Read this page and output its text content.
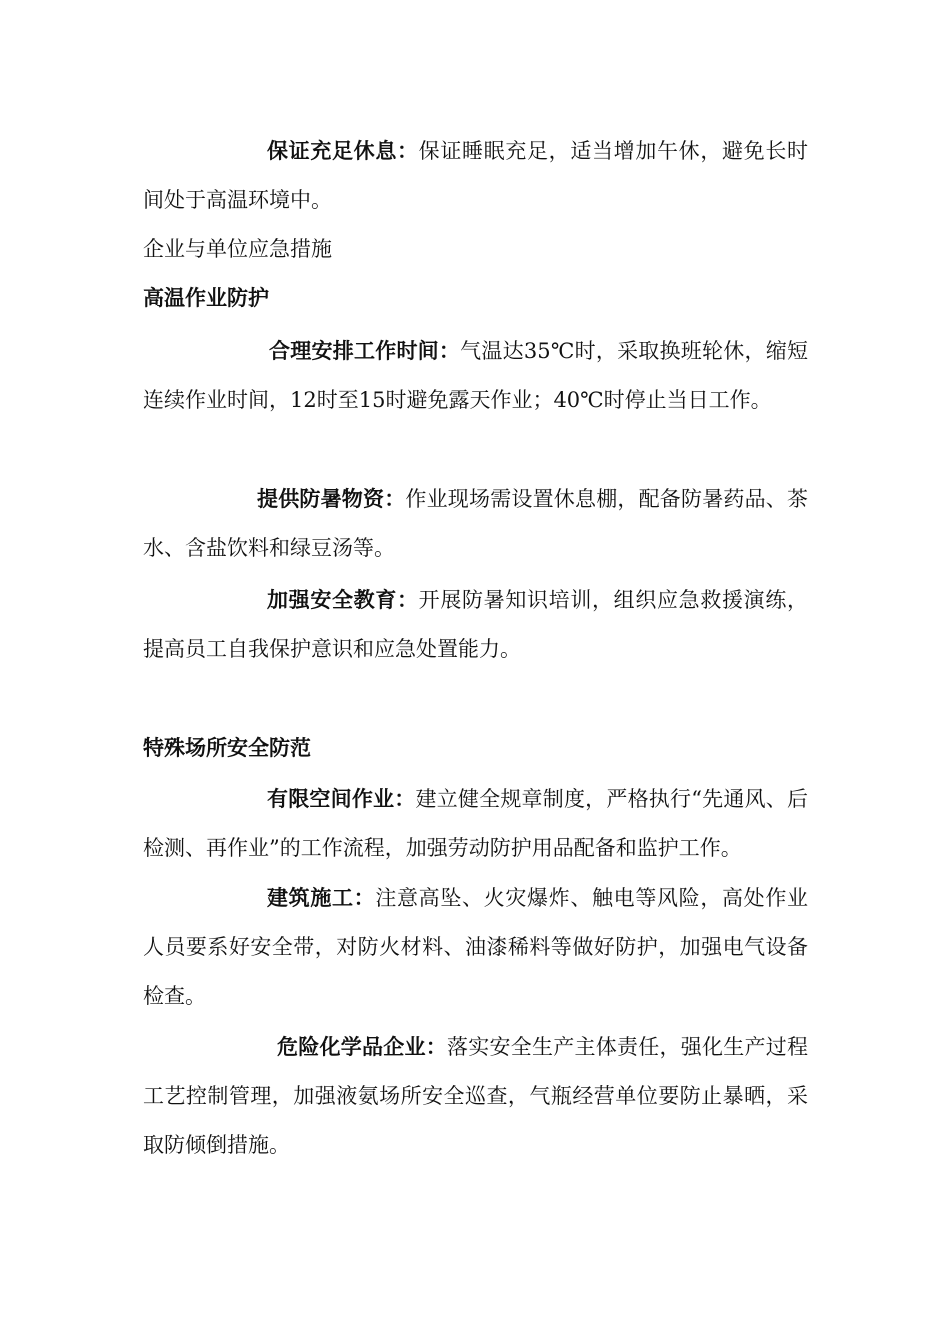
保证充足休息：保证睡眠充足，适当增加午休，避免长时间处于高温环境中。

企业与单位应急措施

高温作业防护

合理安排工作时间：气温达35℃时，采取换班轮休，缩短连续作业时间，12时至15时避免露天作业；40℃时停止当日工作。

提供防暑物资：作业现场需设置休息棚，配备防暑药品、茶水、含盐饮料和绿豆汤等。

加强安全教育：开展防暑知识培训，组织应急救援演练，提高员工自我保护意识和应急处置能力。

特殊场所安全防范

有限空间作业：建立健全规章制度，严格执行“先通风、后检测、再作业”的工作流程，加强劳动防护用品配备和监护工作。

建筑施工：注意高坠、火灾爆炸、触电等风险，高处作业人员要系好安全带，对防火材料、油漆稀料等做好防护，加强电气设备检查。

危险化学品企业：落实安全生产主体责任，强化生产过程工艺控制管理，加强液氨场所安全巡查，气瓶经营单位要防止暴晒，采取防倾倒措施。
